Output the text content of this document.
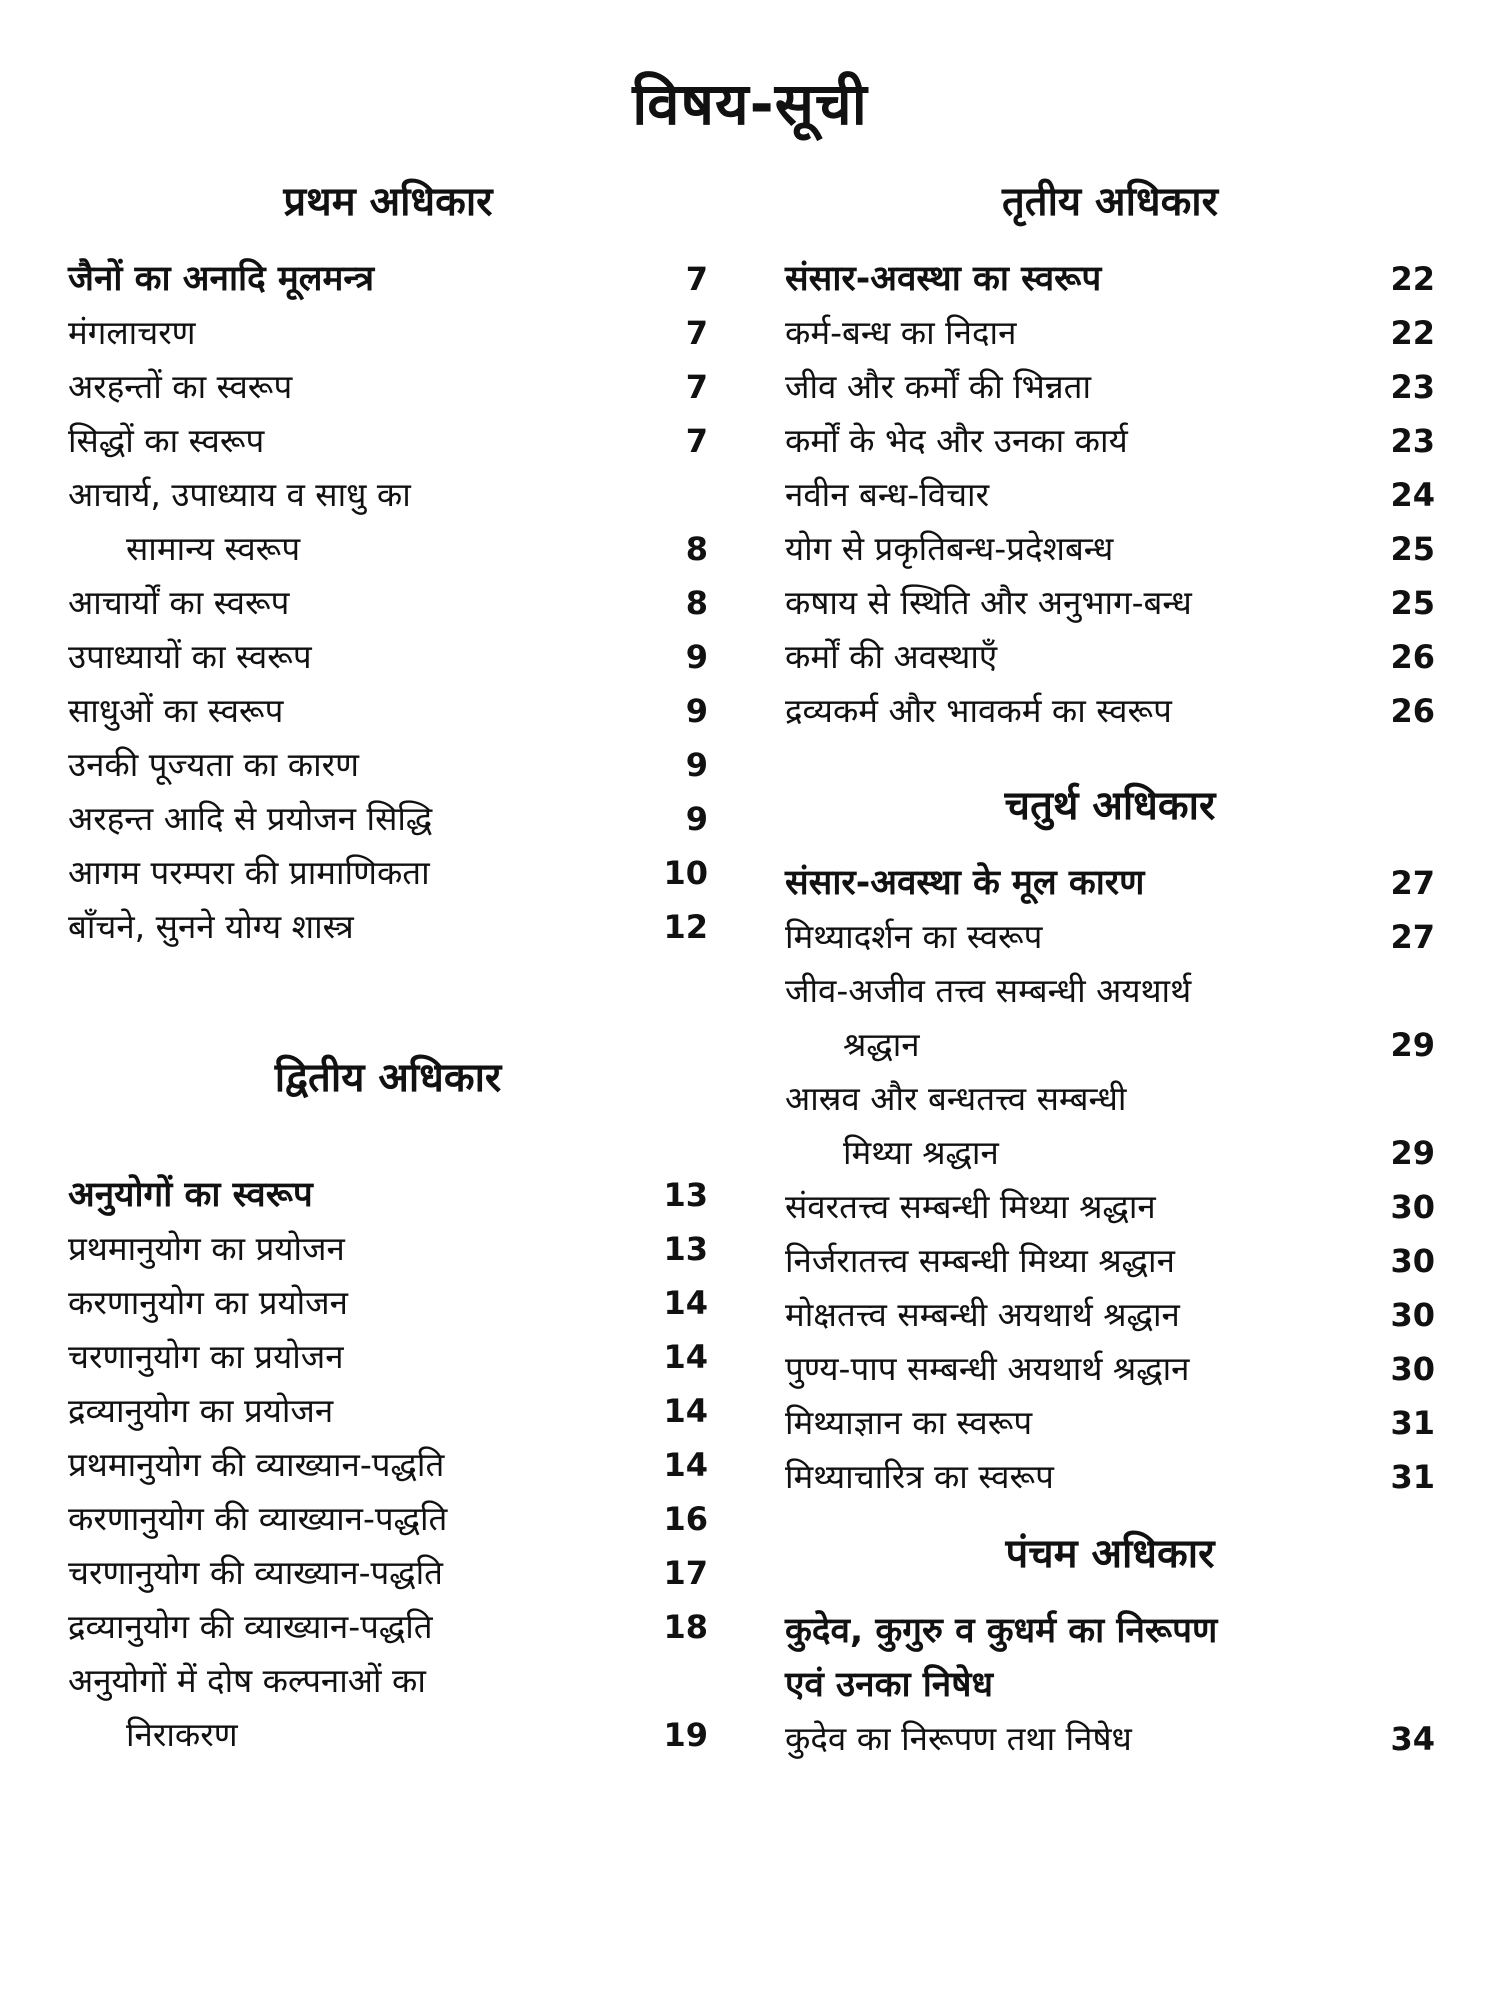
विषय-सूची
प्रथम अधिकार
जैनों का अनादि मूलमन्त्र	7
मंगलाचरण	7
अरहन्तों का स्वरूप	7
सिद्धों का स्वरूप	7
आचार्य, उपाध्याय व साधु का
सामान्य स्वरूप	8
आचार्यों का स्वरूप	8
उपाध्यायों का स्वरूप	9
साधुओं का स्वरूप	9
उनकी पूज्यता का कारण	9
अरहन्त आदि से प्रयोजन सिद्धि	9
आगम परम्परा की प्रामाणिकता	10
बाँचने, सुनने योग्य शास्त्र	12
द्वितीय अधिकार
अनुयोगों का स्वरूप	13
प्रथमानुयोग का प्रयोजन	13
करणानुयोग का प्रयोजन	14
चरणानुयोग का प्रयोजन	14
द्रव्यानुयोग का प्रयोजन	14
प्रथमानुयोग की व्याख्यान-पद्धति	14
करणानुयोग की व्याख्यान-पद्धति	16
चरणानुयोग की व्याख्यान-पद्धति	17
द्रव्यानुयोग की व्याख्यान-पद्धति	18
अनुयोगों में दोष कल्पनाओं का
निराकरण	19
तृतीय अधिकार
संसार-अवस्था का स्वरूप	22
कर्म-बन्ध का निदान	22
जीव और कर्मों की भिन्नता	23
कर्मों के भेद और उनका कार्य	23
नवीन बन्ध-विचार	24
योग से प्रकृतिबन्ध-प्रदेशबन्ध	25
कषाय से स्थिति और अनुभाग-बन्ध	25
कर्मों की अवस्थाएँ	26
द्रव्यकर्म और भावकर्म का स्वरूप	26
चतुर्थ अधिकार
संसार-अवस्था के मूल कारण	27
मिथ्यादर्शन का स्वरूप	27
जीव-अजीव तत्त्व सम्बन्धी अयथार्थ
श्रद्धान	29
आस्रव और बन्धतत्त्व सम्बन्धी
मिथ्या श्रद्धान	29
संवरतत्त्व सम्बन्धी मिथ्या श्रद्धान	30
निर्जरातत्त्व सम्बन्धी मिथ्या श्रद्धान	30
मोक्षतत्त्व सम्बन्धी अयथार्थ श्रद्धान	30
पुण्य-पाप सम्बन्धी अयथार्थ श्रद्धान	30
मिथ्याज्ञान का स्वरूप	31
मिथ्याचारित्र का स्वरूप	31
पंचम अधिकार
कुदेव, कुगुरु व कुधर्म का निरूपण
एवं उनका निषेध
कुदेव का निरूपण तथा निषेध	34
